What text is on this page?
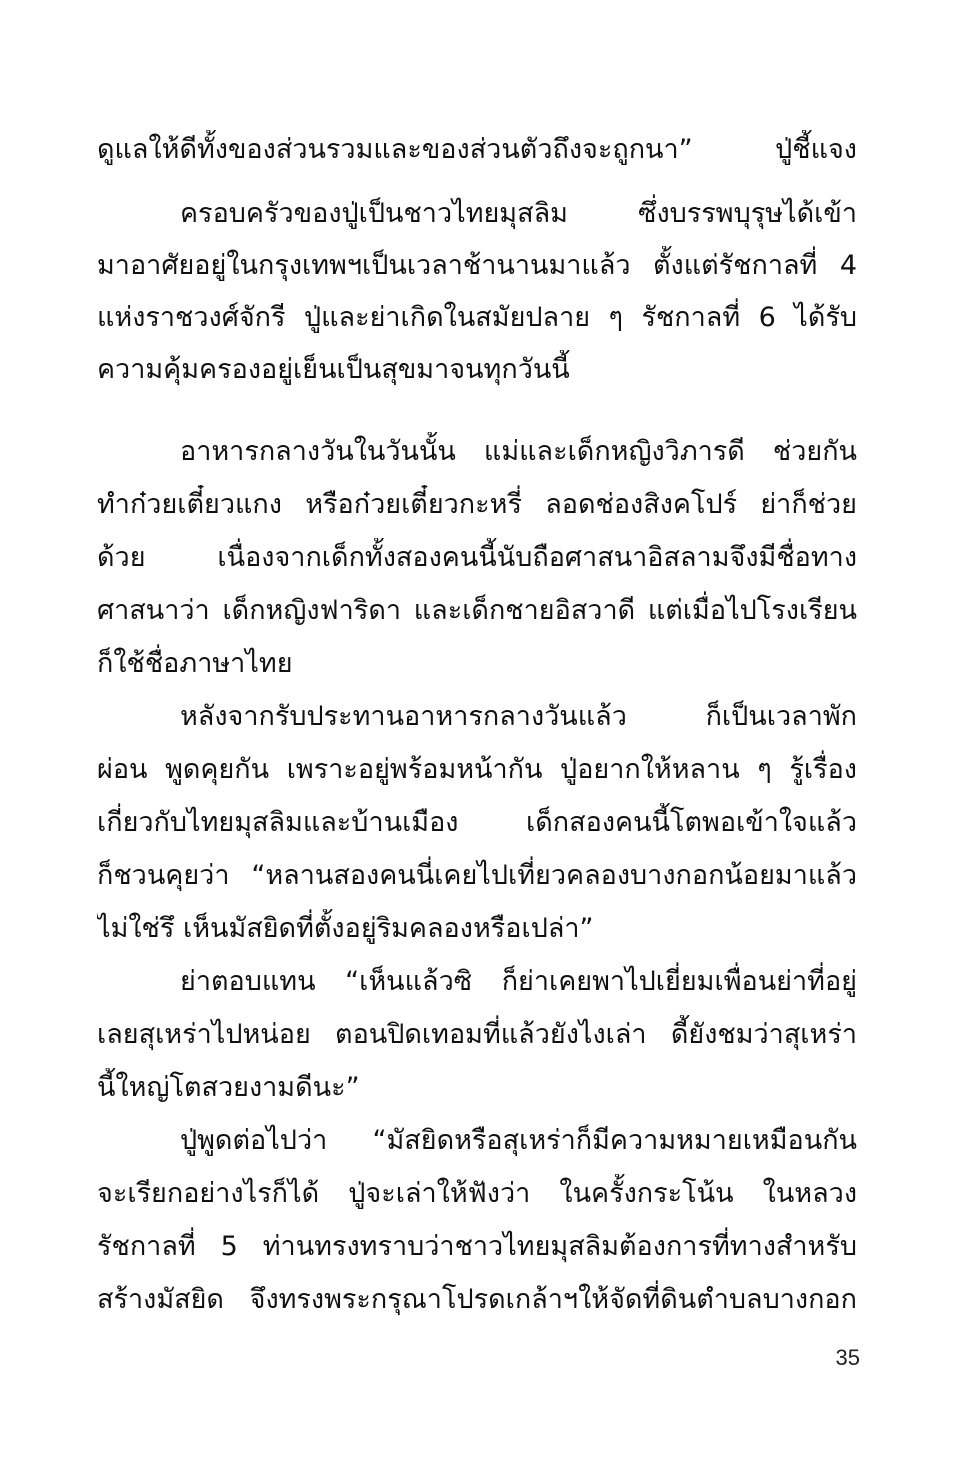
ดูแลให้ดีทั้งของส่วนรวมและของส่วนตัวถึงจะถูกนา” ปู่ชี้แจง
ครอบครัวของปู่เป็นชาวไทยมุสลิม ซึ่งบรรพบุรุษได้เข้า
มาอาศัยอยู่ในกรุงเทพฯเป็นเวลาช้านานมาแล้ว ตั้งแต่รัชกาลที่ 4
แห่งราชวงศ์จักรี ปู่และย่าเกิดในสมัยปลาย ๆ รัชกาลที่ 6 ได้รับ
ความคุ้มครองอยู่เย็นเป็นสุขมาจนทุกวันนี้
อาหารกลางวันในวันนั้น แม่และเด็กหญิงวิภารดี ช่วยกัน
ทำก๋วยเตี๋ยวแกง หรือก๋วยเตี๋ยวกะหรี่ ลอดช่องสิงคโปร์ ย่าก็ช่วย
ด้วย เนื่องจากเด็กทั้งสองคนนี้นับถือศาสนาอิสลามจึงมีชื่อทาง
ศาสนาว่า เด็กหญิงฟาริดา และเด็กชายอิสวาดี แต่เมื่อไปโรงเรียน
ก็ใช้ชื่อภาษาไทย
หลังจากรับประทานอาหารกลางวันแล้ว ก็เป็นเวลาพัก
ผ่อน พูดคุยกัน เพราะอยู่พร้อมหน้ากัน ปู่อยากให้หลาน ๆ รู้เรื่อง
เกี่ยวกับไทยมุสลิมและบ้านเมือง เด็กสองคนนี้โตพอเข้าใจแล้ว
ก็ชวนคุยว่า “หลานสองคนนี่เคยไปเที่ยวคลองบางกอกน้อยมาแล้ว
ไม่ใช่รึ เห็นมัสยิดที่ตั้งอยู่ริมคลองหรือเปล่า”
ย่าตอบแทน “เห็นแล้วซิ ก็ย่าเคยพาไปเยี่ยมเพื่อนย่าที่อยู่
เลยสุเหร่าไปหน่อย ตอนปิดเทอมที่แล้วยังไงเล่า ดี้ยังชมว่าสุเหร่า
นี้ใหญ่โตสวยงามดีนะ”
ปู่พูดต่อไปว่า “มัสยิดหรือสุเหร่าก็มีความหมายเหมือนกัน
จะเรียกอย่างไรก็ได้ ปู่จะเล่าให้ฟังว่า ในครั้งกระโน้น ในหลวง
รัชกาลที่ 5 ท่านทรงทราบว่าชาวไทยมุสลิมต้องการที่ทางสำหรับ
สร้างมัสยิด จึงทรงพระกรุณาโปรดเกล้าฯให้จัดที่ดินตำบลบางกอก
35
